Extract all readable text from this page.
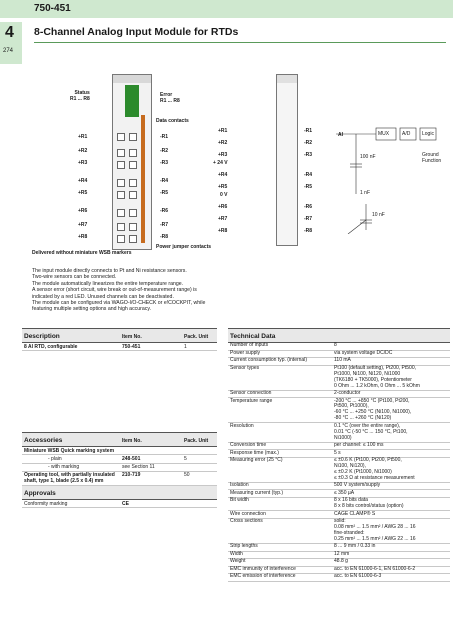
750-451
4
274
8-Channel Analog Input Module for RTDs
Status
R1 ... R8
Error
R1 ... R8
Data contacts
+R1
+R2
+R3
+R4
+R5
+R6
+R7
+R8
-R1
-R2
-R3
-R4
-R5
-R6
-R7
-R8
Power jumper contacts
Delivered without miniature WSB markers
+R1
+R2
+R3
+ 24 V
+R4
+R5
0 V
+R6
+R7
+R8
-R1
-R2
-R3
-R4
-R5
-R6
-R7
-R8
AI	MUX	A/D Logic
100 nF	Ground
Function
1 nF
10 nF
The input module directly connects to Pt and Ni resistance sensors.
Two-wire sensors can be connected.
The module automatically linearizes the entire temperature range.
A sensor error (short circuit, wire break or out-of-measurement range) is
indicated by a red LED. Unused channels can be deactivated.
The module can be configured via WAGO-I/O-CHECK or e!COCKPIT, while
featuring multiple setting options and high accuracy.
Description	Item No.	Pack. Unit
8 AI RTD, configurable	750-451	1

Accessories	Item No.	Pack. Unit
Miniature WSB Quick marking system		
- plain	248-501	5
- with marking	see Section 11	
Operating tool, with partially insulated shaft, type 1, blade (2.5 x 0.4) mm	210-719	50
Approvals		
Conformity marking	CE	
Technical Data	
Number of inputs	8

Power supply	via system voltage DC/DC

Current consumption typ. (internal)	110 mA

Sensor types	Pt100 (default setting), Pt200, Pt500,
Pt1000, Ni100, Ni120, Ni1000
(TK6180 + TK5000), Potentiometer
0 Ohm ... 1.2 kOhm, 0 Ohm ... 5 kOhm

Sensor connection	2-conductor

Temperature range	-200 °C ... +850 °C (Pt100, Pt200,
Pt500, Pt1000),
-60 °C ... +250 °C (Ni100, Ni1000),
-80 °C ... +260 °C (Ni120)

Resolution	0.1 °C (over the entire range),
0.01 °C (-50 °C ... 150 °C, Pt100,
Ni1000)

Conversion time	per channel: ≤ 100 ms

Response time (max.)	5 s

Measuring error (25 °C)	≤ ±0.6 K (Pt100, Pt200, Pt500,
Ni100, Ni120),
≤ ±0.2 K (Pt1000, Ni1000)
≤ ±0.3 Ω at resistance measurement

Isolation	500 V system/supply

Measuring current (typ.)	≤ 350 µA

Bit width	8 x 16 bits data
8 x 8 bits control/status (option)

Wire connection	CAGE CLAMP® S

Cross sections	solid:
0.08 mm² ... 1.5 mm² / AWG 28 ... 16
fine-stranded:
0.25 mm² ... 1.5 mm² / AWG 22 ... 16

Strip lengths	8 ... 9 mm / 0.33 in

Width	12 mm

Weight	48.8 g

EMC immunity of interference	acc. to EN 61000-6-1, EN 61000-6-2

EMC emission of interference	acc. to EN 61000-6-3
